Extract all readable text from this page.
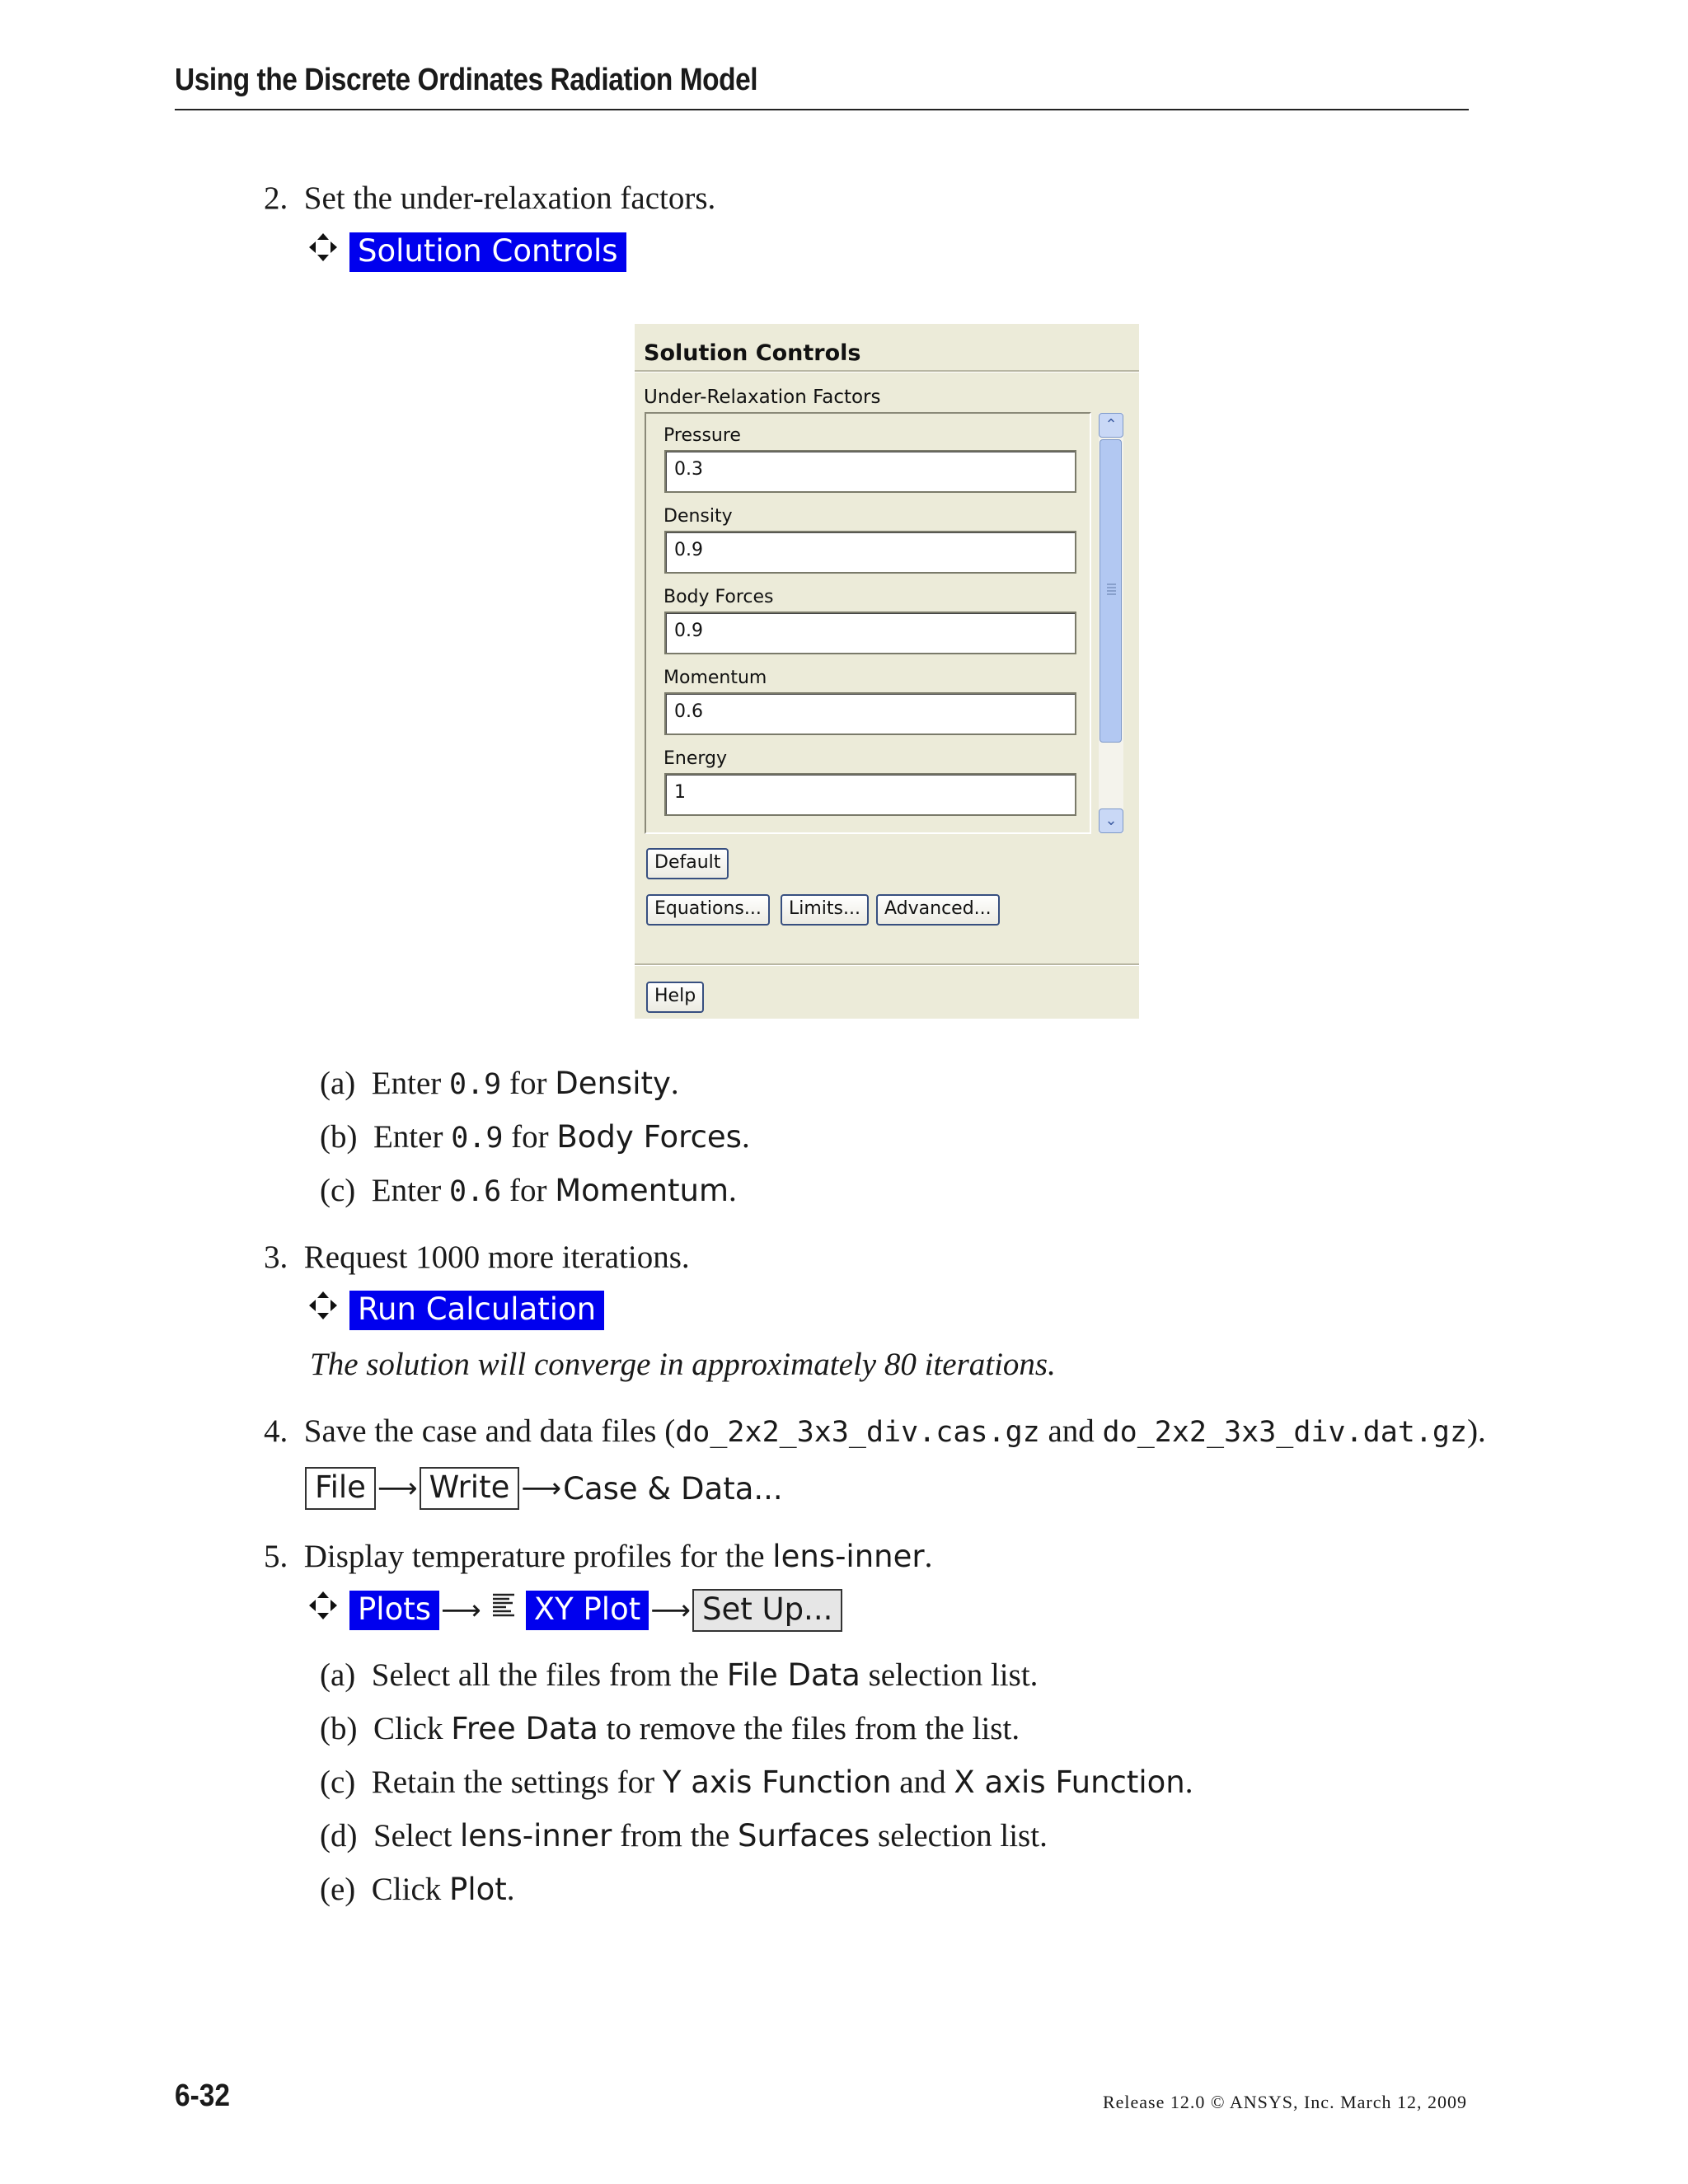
Using the Discrete Ordinates Radiation Model
2. Set the under-relaxation factors.
Solution Controls
Solution Controls
Under-Relaxation Factors
Pressure
0.3
Density
0.9
Body Forces
0.9
Momentum
0.6
Energy
1
⌃
⌄
Default
Equations...	Limits...	Advanced...
Help
(a) Enter 0.9 for Density.
(b) Enter 0.9 for Body Forces.
(c) Enter 0.6 for Momentum.
3. Request 1000 more iterations.
Run Calculation
The solution will converge in approximately 80 iterations.
4. Save the case and data files (do_2x2_3x3_div.cas.gz and do_2x2_3x3_div.dat.gz).
File ⟶ Write ⟶ Case & Data...
5. Display temperature profiles for the lens-inner.
Plots ⟶ XY Plot ⟶ Set Up...
(a) Select all the files from the File Data selection list.
(b) Click Free Data to remove the files from the list.
(c) Retain the settings for Y axis Function and X axis Function.
(d) Select lens-inner from the Surfaces selection list.
(e) Click Plot.
6-32	Release 12.0 © ANSYS, Inc. March 12, 2009
